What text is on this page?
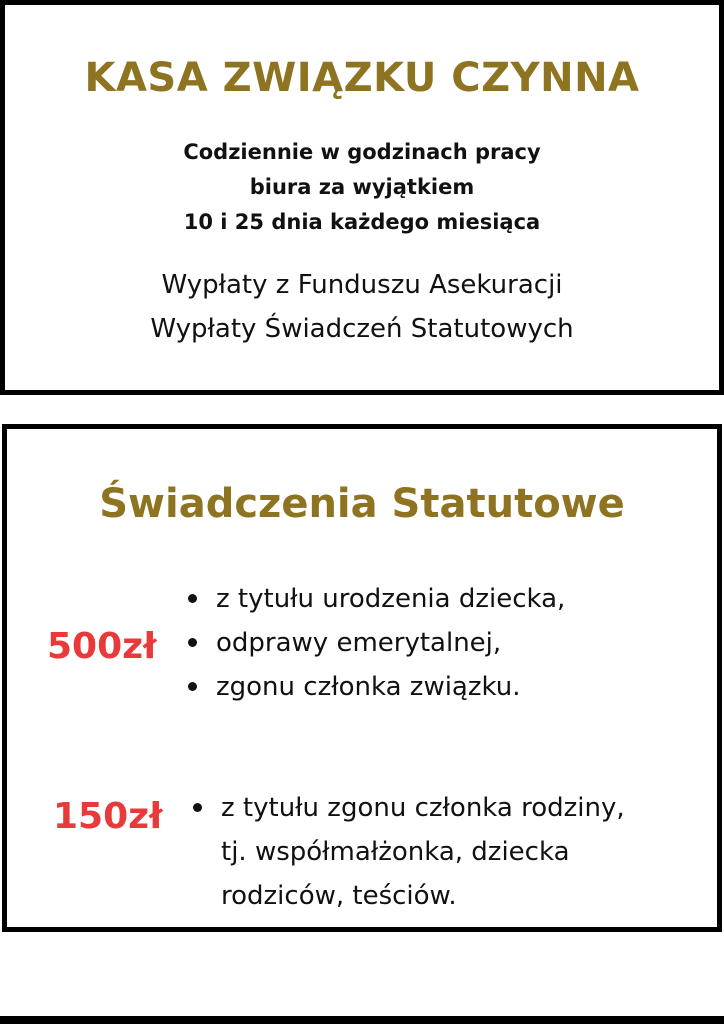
KASA ZWIĄZKU CZYNNA
Codziennie w godzinach pracy
biura za wyjątkiem
10 i 25 dnia każdego miesiąca
Wypłaty z Funduszu Asekuracji
Wypłaty Świadczeń Statutowych
Świadczenia Statutowe
500zł
z tytułu urodzenia dziecka,
odprawy emerytalnej,
zgonu członka związku.
150zł z tytułu zgonu członka rodziny,
tj. współmałżonka, dziecka
rodziców, teściów.
